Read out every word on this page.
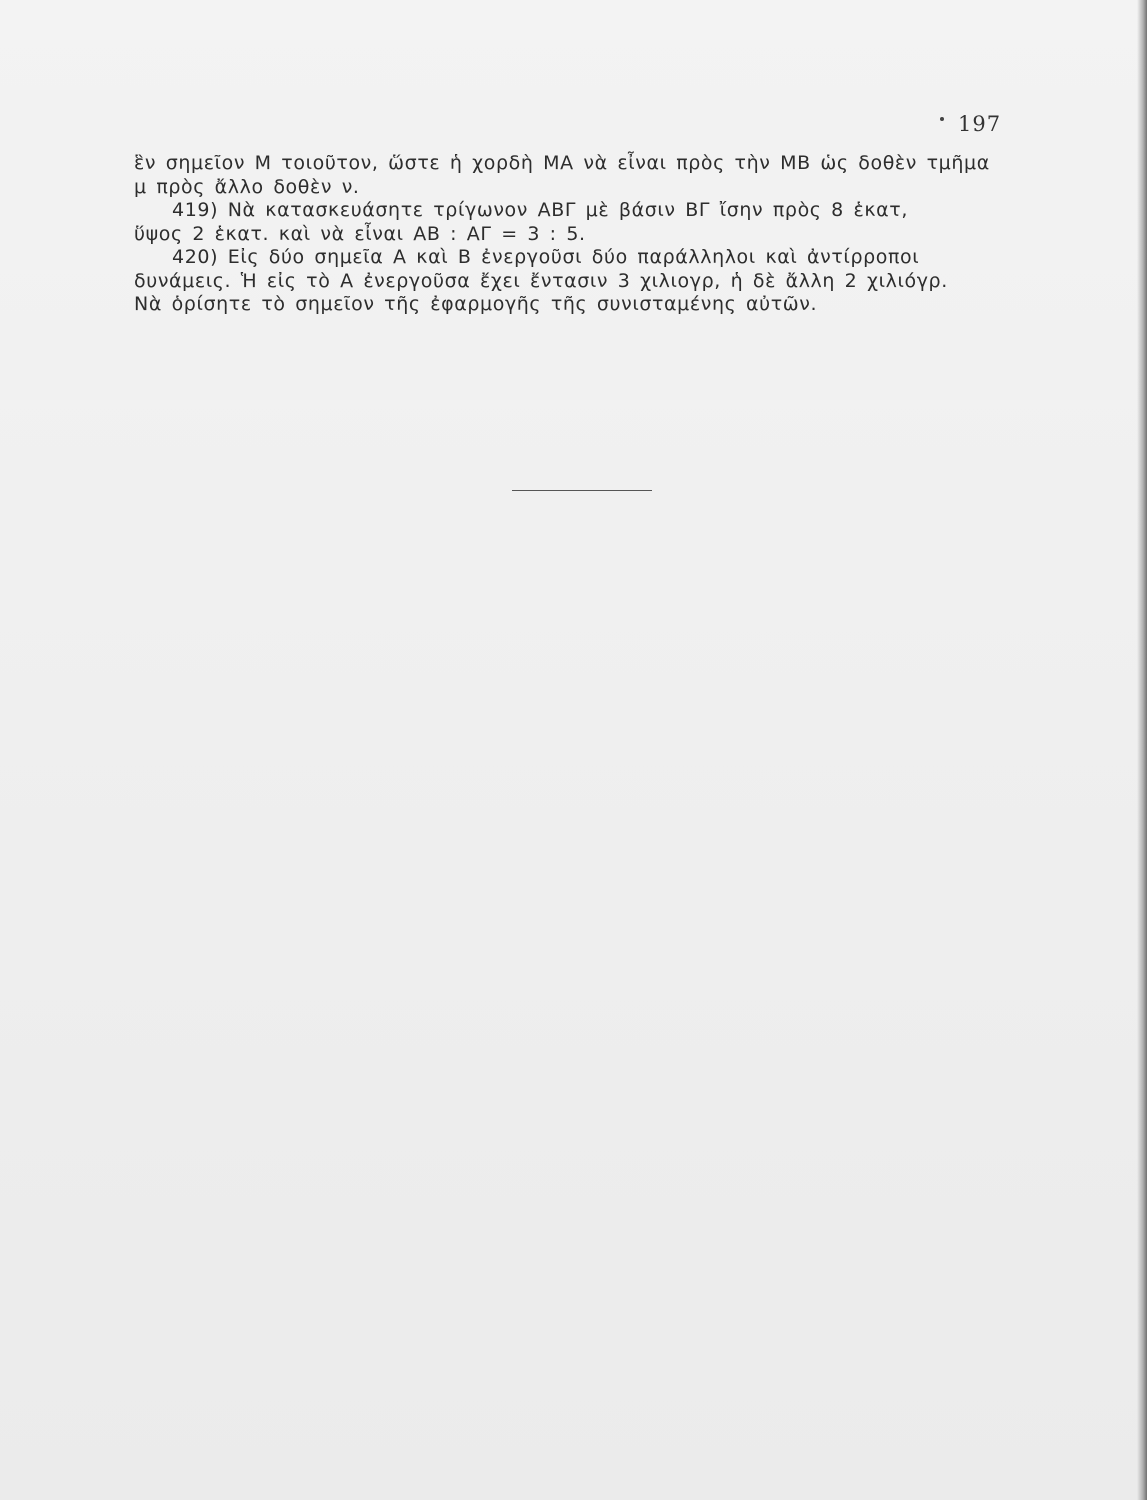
197

ἓν σημεῖον Μ τοιοῦτον, ὥστε ἡ χορδὴ ΜΑ νὰ εἶναι πρὸς τὴν ΜΒ ὡς δοθὲν τμῆμα
μ πρὸς ἄλλο δοθὲν ν.

419) Νὰ κατασκευάσητε τρίγωνον ΑΒΓ μὲ βάσιν ΒΓ ἴσην πρὸς 8 ἑκατ,
ὕψος 2 ἑκατ. καὶ νὰ εἶναι ΑΒ : ΑΓ = 3 : 5.

420) Εἰς δύο σημεῖα Α καὶ Β ἐνεργοῦσι δύο παράλληλοι καὶ ἀντίρροποι
δυνάμεις. Ἡ εἰς τὸ Α ἐνεργοῦσα ἔχει ἔντασιν 3 χιλιογρ, ἡ δὲ ἄλλη 2 χιλιόγρ.
Νὰ ὁρίσητε τὸ σημεῖον τῆς ἐφαρμογῆς τῆς συνισταμένης αὐτῶν.
